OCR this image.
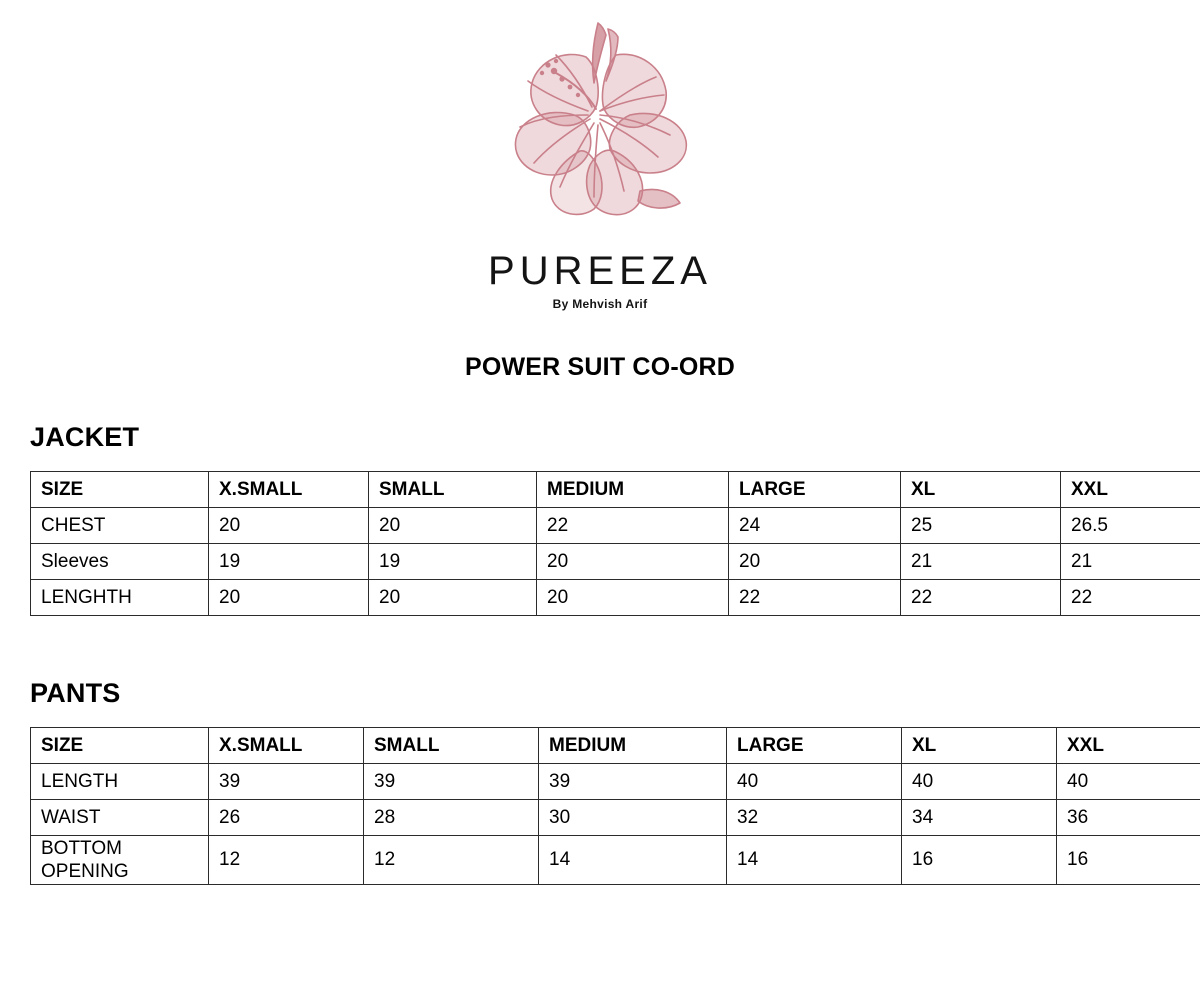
PUREEZA
By Mehvish Arif
POWER SUIT CO-ORD
JACKET
SIZE	X.SMALL	SMALL	MEDIUM	LARGE	XL	XXL
CHEST	20	20	22	24	25	26.5
Sleeves	19	19	20	20	21	21
LENGHTH	20	20	20	22	22	22
PANTS
SIZE	X.SMALL	SMALL	MEDIUM	LARGE	XL	XXL
LENGTH	39	39	39	40	40	40
WAIST	26	28	30	32	34	36
BOTTOM OPENING	12	12	14	14	16	16
